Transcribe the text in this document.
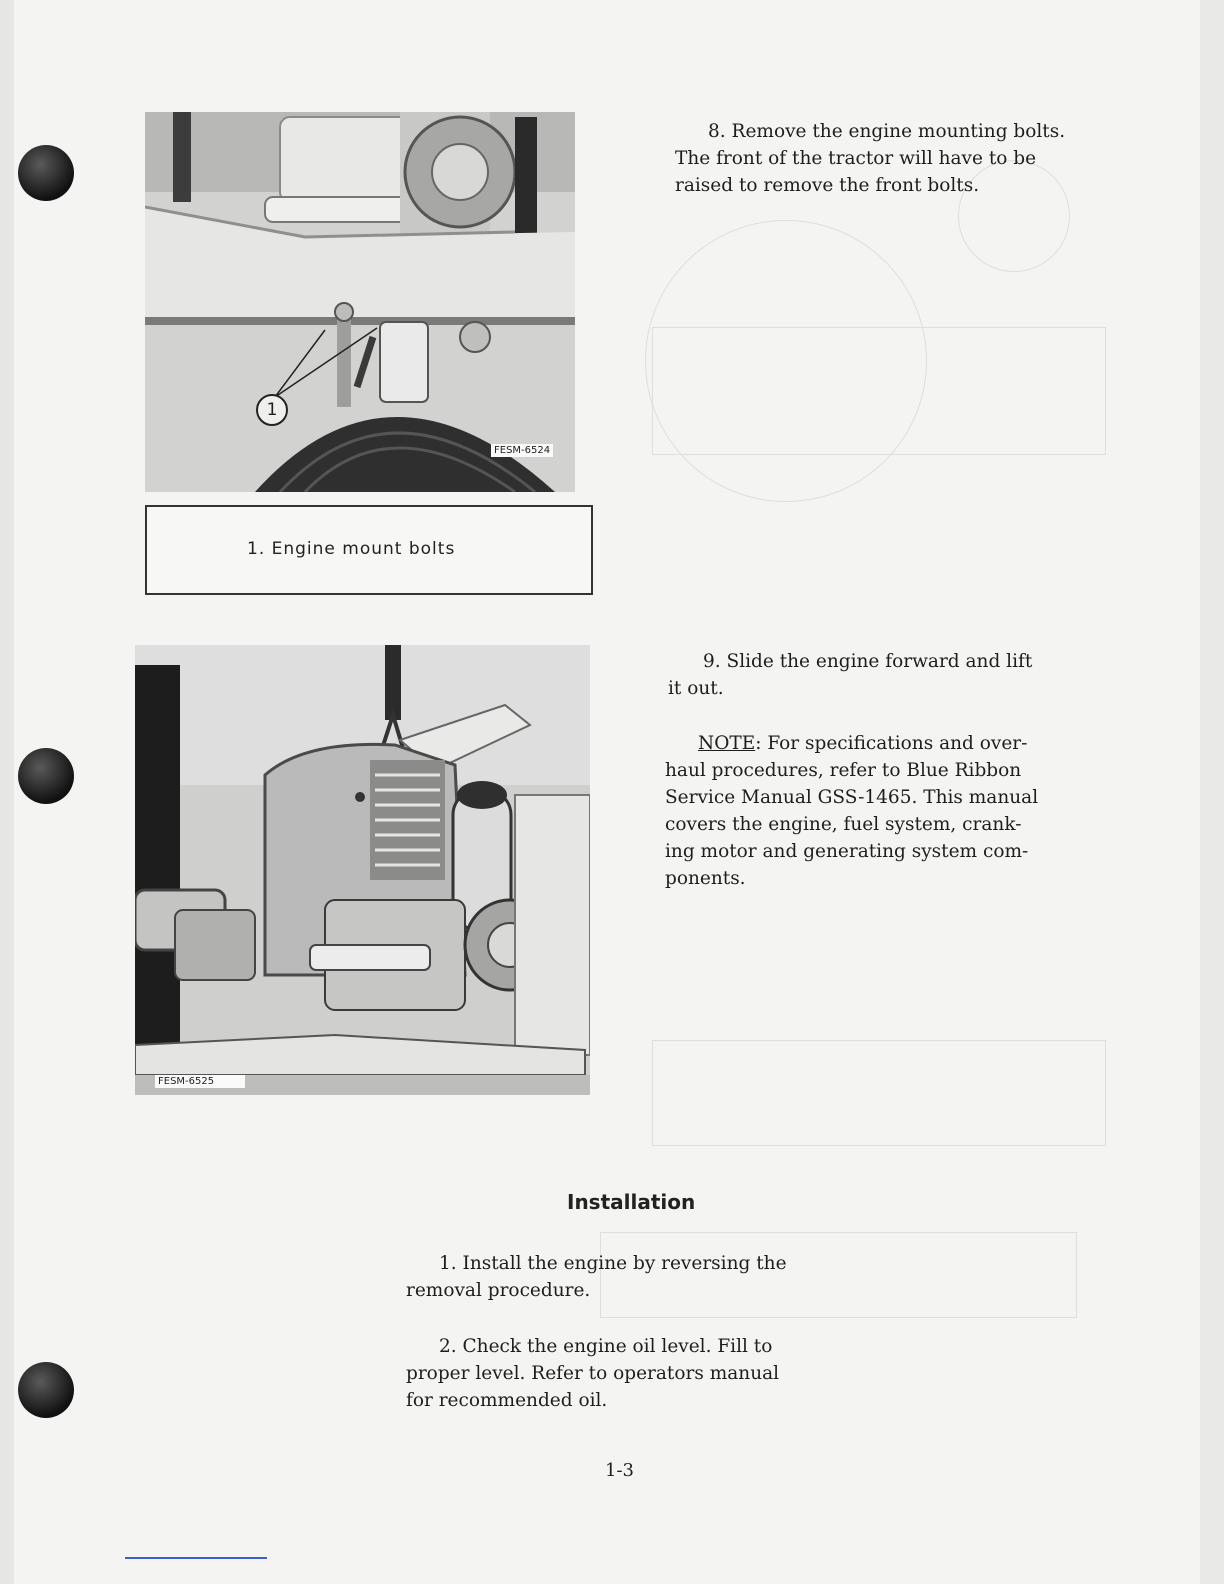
1
FESM-6524
1. Engine mount bolts

8. Remove the engine mounting bolts.

The front of the tractor will have to be

raised to remove the front bolts.

FESM-6525

9. Slide the engine forward and lift

it out.

NOTE: For specifications and over-

haul procedures, refer to Blue Ribbon

Service Manual GSS-1465. This manual

covers the engine, fuel system, crank-

ing motor and generating system com-

ponents.

Installation

1. Install the engine by reversing the

removal procedure.

2. Check the engine oil level. Fill to

proper level. Refer to operators manual

for recommended oil.

1-3
